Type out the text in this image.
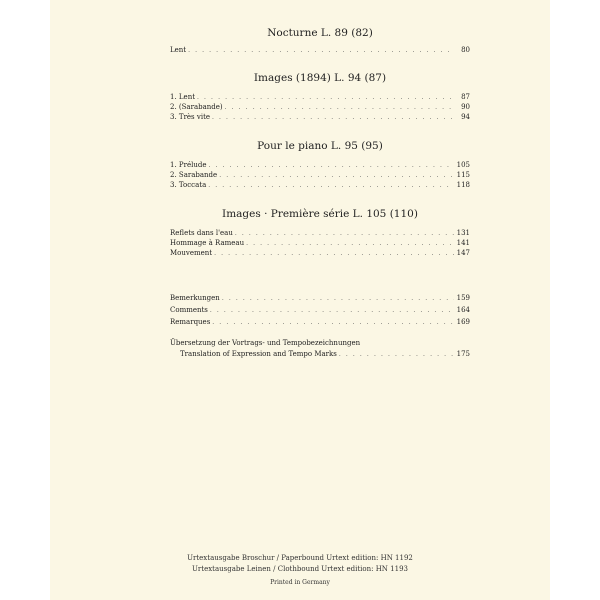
Nocturne L. 89 (82)
Lent . . .	80
Images (1894) L. 94 (87)
1. Lent . . .	87
2. (Sarabande) . . .	90
3. Très vite . . .	94
Pour le piano L. 95 (95)
1. Prélude . . .	105
2. Sarabande . . .	115
3. Toccata . . .	118
Images · Première série L. 105 (110)
Reflets dans l'eau . . .	131
Hommage à Rameau . . .	141
Mouvement . . .	147
Bemerkungen . . .	159
Comments . . .	164
Remarques . . .	169
Übersetzung der Vortrags- und Tempobezeichnungen
Translation of Expression and Tempo Marks . . .	175
Urtextausgabe Broschur / Paperbound Urtext edition: HN 1192
Urtextausgabe Leinen / Clothbound Urtext edition: HN 1193
Printed in Germany
